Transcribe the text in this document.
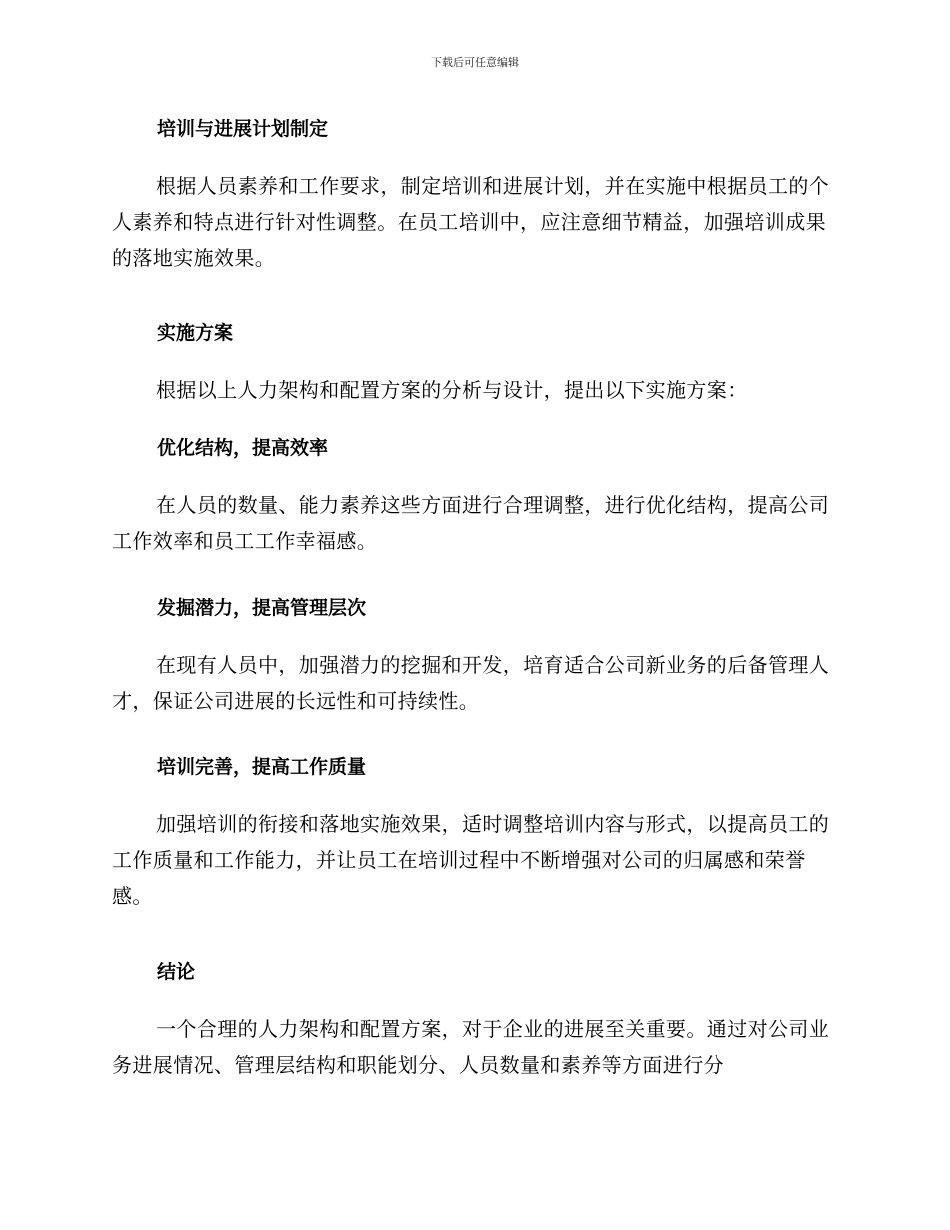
下载后可任意编辑
培训与进展计划制定

根据人员素养和工作要求，制定培训和进展计划，并在实施中根据员工的个人素养和特点进行针对性调整。在员工培训中，应注意细节精益，加强培训成果的落地实施效果。

实施方案

根据以上人力架构和配置方案的分析与设计，提出以下实施方案：

优化结构，提高效率

在人员的数量、能力素养这些方面进行合理调整，进行优化结构，提高公司工作效率和员工工作幸福感。

发掘潜力，提高管理层次

在现有人员中，加强潜力的挖掘和开发，培育适合公司新业务的后备管理人才，保证公司进展的长远性和可持续性。

培训完善，提高工作质量

加强培训的衔接和落地实施效果，适时调整培训内容与形式，以提高员工的工作质量和工作能力，并让员工在培训过程中不断增强对公司的归属感和荣誉感。

结论

一个合理的人力架构和配置方案，对于企业的进展至关重要。通过对公司业务进展情况、管理层结构和职能划分、人员数量和素养等方面进行分
